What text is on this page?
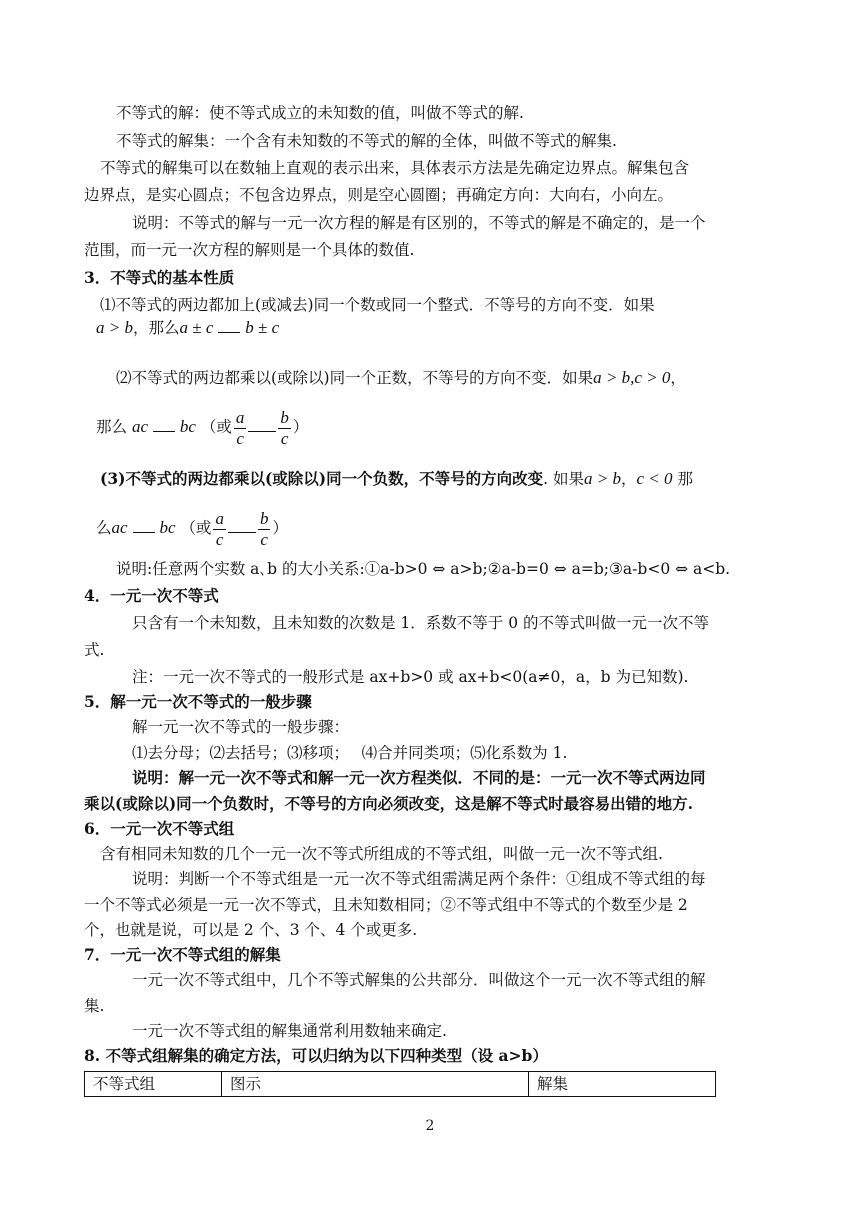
不等式的解：使不等式成立的未知数的值，叫做不等式的解.
不等式的解集：一个含有未知数的不等式的解的全体，叫做不等式的解集.
不等式的解集可以在数轴上直观的表示出来，具体表示方法是先确定边界点。解集包含
边界点，是实心圆点；不包含边界点，则是空心圆圈；再确定方向：大向右，小向左。
说明：不等式的解与一元一次方程的解是有区别的，不等式的解是不确定的，是一个
范围，而一元一次方程的解则是一个具体的数值.
3．不等式的基本性质
⑴不等式的两边都加上(或减去)同一个数或同一个整式．不等号的方向不变．如果
a > b，那么a ± c b ± c
⑵不等式的两边都乘以(或除以)同一个正数，不等号的方向不变．如果a > b,c > 0，
那么 ac bc （或 $\frac{a}{c} \frac{b}{c}$ ）
(3)不等式的两边都乘以(或除以)同一个负数，不等号的方向改变. 如果a > b，c < 0 那
么ac bc （或 $\frac{a}{c} \frac{b}{c}$ ）
说明:任意两个实数 a､b 的大小关系:①a-b>0 ⇔ a>b;②a-b=0 ⇔ a=b;③a-b<0 ⇔ a<b.
4．一元一次不等式
只含有一个未知数，且未知数的次数是 1．系数不等于 0 的不等式叫做一元一次不等
式.
注：一元一次不等式的一般形式是 ax+b>0 或 ax+b<0(a≠0，a，b 为已知数).
5．解一元一次不等式的一般步骤
解一元一次不等式的一般步骤：
⑴去分母；⑵去括号；⑶移项；　 ⑷合并同类项；⑸化系数为 1.
说明：解一元一次不等式和解一元一次方程类似．不同的是：一元一次不等式两边同
乘以(或除以)同一个负数时，不等号的方向必须改变，这是解不等式时最容易出错的地方.
6．一元一次不等式组
含有相同未知数的几个一元一次不等式所组成的不等式组，叫做一元一次不等式组.
说明：判断一个不等式组是一元一次不等式组需满足两个条件：①组成不等式组的每
一个不等式必须是一元一次不等式，且未知数相同；②不等式组中不等式的个数至少是 2
个，也就是说，可以是 2 个、3 个、4 个或更多.
7．一元一次不等式组的解集
一元一次不等式组中，几个不等式解集的公共部分．叫做这个一元一次不等式组的解
集.
一元一次不等式组的解集通常利用数轴来确定.
8. 不等式组解集的确定方法，可以归纳为以下四种类型（设 a>b）
不等式组	图示	解集
2
